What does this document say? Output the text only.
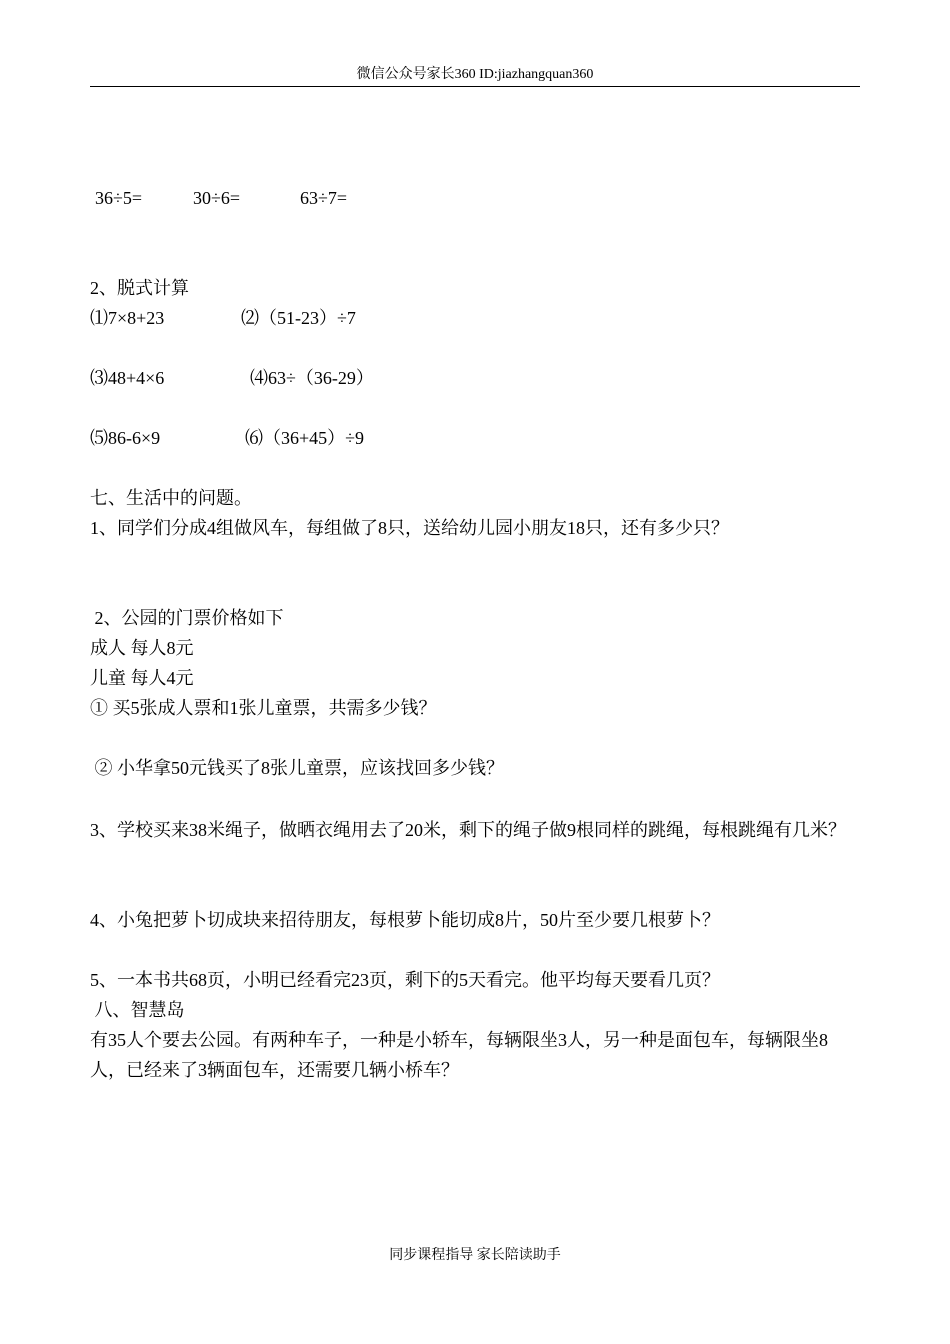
微信公众号家长360 ID:jiazhangquan360
36÷5=	30÷6=	63÷7=
2、脱式计算
⑴7×8+23	⑵（51-23）÷7
⑶48+4×6	⑷63÷（36-29）
⑸86-6×9	⑹（36+45）÷9
七、生活中的问题。
1、同学们分成4组做风车，每组做了8只，送给幼儿园小朋友18只，还有多少只？
2、公园的门票价格如下
成人 每人8元
儿童 每人4元
① 买5张成人票和1张儿童票，共需多少钱？
② 小华拿50元钱买了8张儿童票，应该找回多少钱？
3、学校买来38米绳子，做晒衣绳用去了20米，剩下的绳子做9根同样的跳绳，每根跳绳有几米？
4、小兔把萝卜切成块来招待朋友，每根萝卜能切成8片，50片至少要几根萝卜？
5、一本书共68页，小明已经看完23页，剩下的5天看完。他平均每天要看几页？
八、智慧岛
有35人个要去公园。有两种车子，一种是小轿车，每辆限坐3人，另一种是面包车，每辆限坐8人，已经来了3辆面包车，还需要几辆小桥车？
同步课程指导 家长陪读助手
